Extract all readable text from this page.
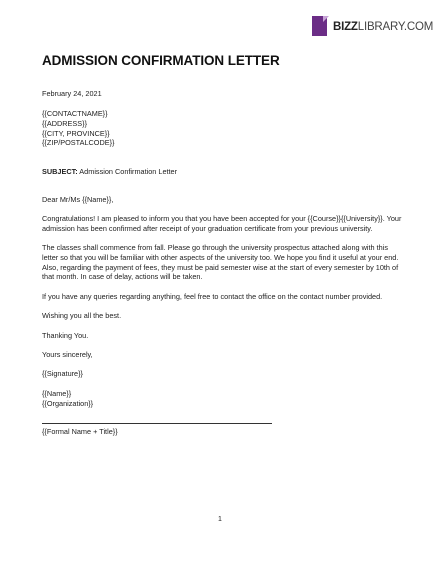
BIZZLIBRARY.COM
ADMISSION CONFIRMATION LETTER
February 24, 2021

{{CONTACTNAME}}

{{ADDRESS}}

{{CITY, PROVINCE}}

{{ZIP/POSTALCODE}}

SUBJECT: Admission Confirmation Letter
Dear Mr/Ms {{Name}},
Congratulations! I am pleased to inform you that you have been accepted for your {{Course}}{{University}}. Your admission has been confirmed after receipt of your graduation certificate from your previous university.
The classes shall commence from fall. Please go through the university prospectus attached along with this letter so that you will be familiar with other aspects of the university too. We hope you find it useful at your end. Also, regarding the payment of fees, they must be paid semester wise at the start of every semester by 10th of that month. In case of delay, actions will be taken.
If you have any queries regarding anything, feel free to contact the office on the contact number provided.
Wishing you all the best.
Thanking You.
Yours sincerely,
{{Signature}}

{{Name}}

{{Organization}}

{{Formal Name + Title}}
1
